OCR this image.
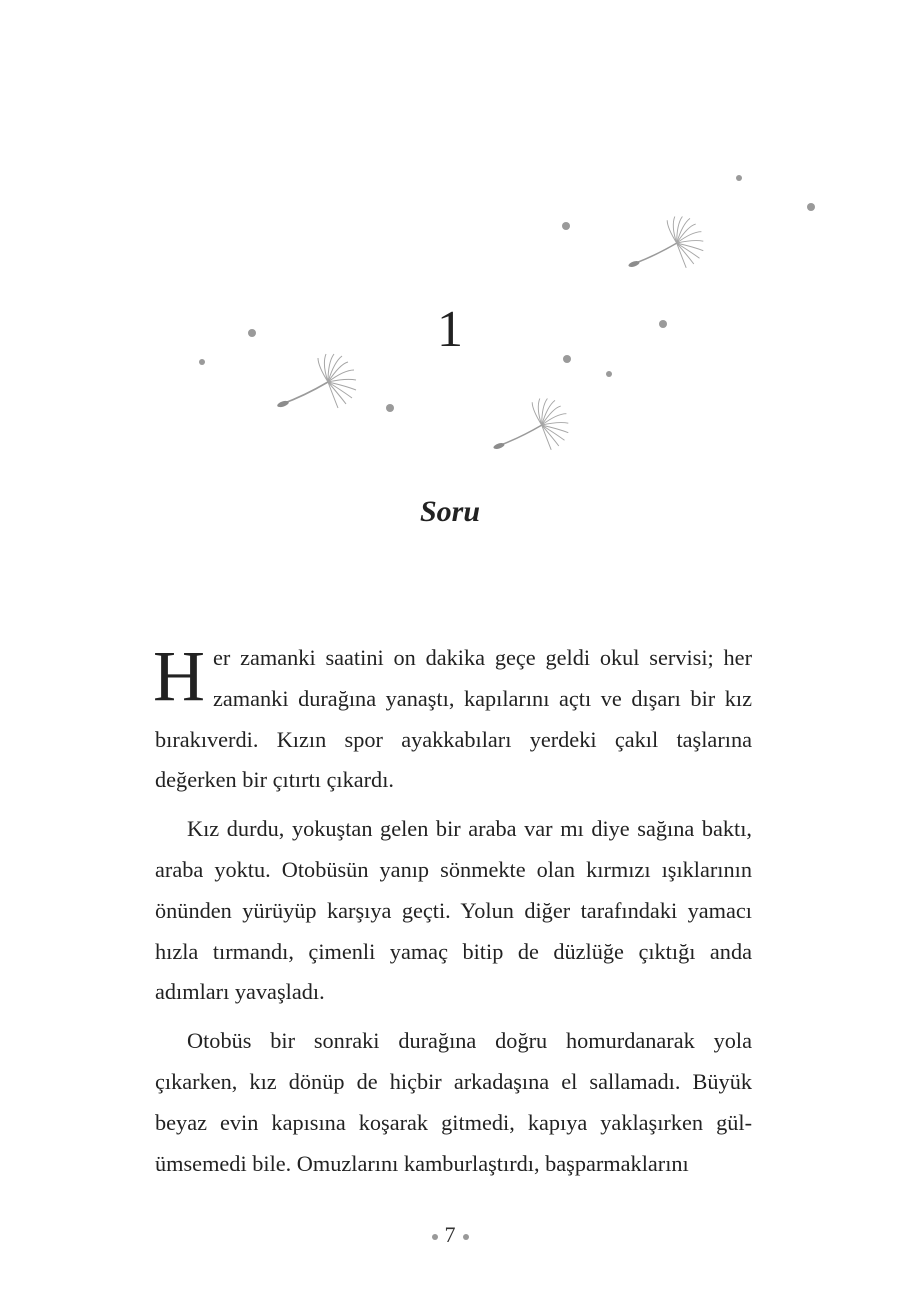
1
Soru

Her zamanki saatini on dakika geçe geldi okul servisi; her zamanki durağına yanaştı, kapılarını açtı ve dışarı bir kız bırakıverdi. Kızın spor ayakkabıları yerdeki çakıl taşlarına değerken bir çıtırtı çıkardı.

Kız durdu, yokuştan gelen bir araba var mı diye sağına baktı, araba yoktu. Otobüsün yanıp sönmekte olan kırmızı ışıklarının önünden yürüyüp karşıya geçti. Yolun diğer tarafındaki yamacı hızla tırmandı, çimenli yamaç bitip de düzlüğe çıktığı anda adımları yavaşladı.

Otobüs bir sonraki durağına doğru homurdanarak yola çıkarken, kız dönüp de hiçbir arkadaşına el sallamadı. Büyük beyaz evin kapısına koşarak gitmedi, kapıya yaklaşırken gülümsemedi bile. Omuzlarını kamburlaştırdı, başparmaklarını

7
